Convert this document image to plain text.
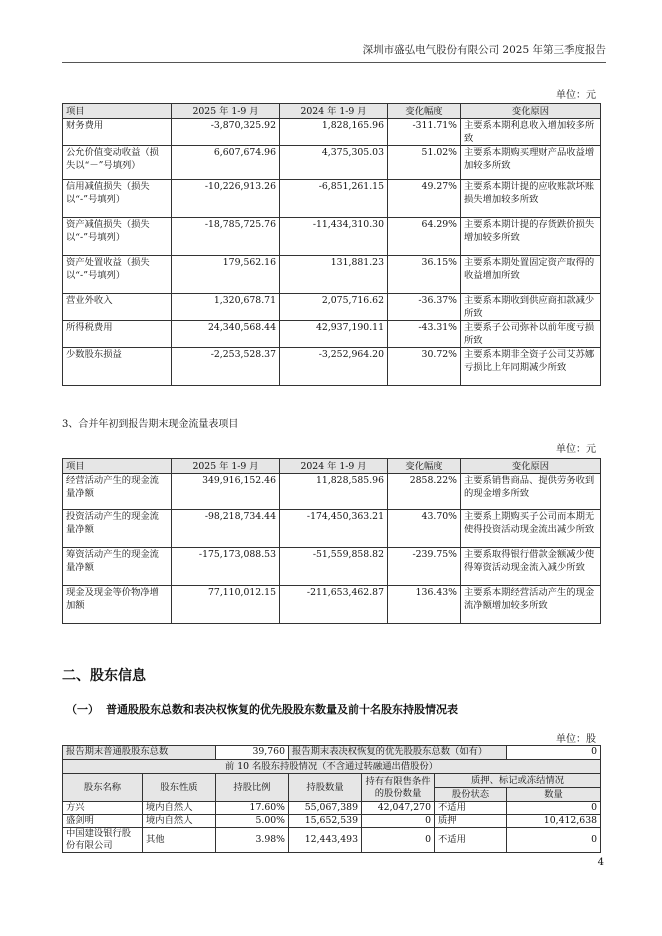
深圳市盛弘电气股份有限公司 2025 年第三季度报告
单位：元
项目	2025 年 1-9 月	2024 年 1-9 月	变化幅度	变化原因
财务费用	-3,870,325.92	1,828,165.96	-311.71%	主要系本期利息收入增加较多所致
公允价值变动收益（损失以“－”号填列）	6,607,674.96	4,375,305.03	51.02%	主要系本期购买理财产品收益增加较多所致
信用减值损失（损失以“-”号填列）	-10,226,913.26	-6,851,261.15	49.27%	主要系本期计提的应收账款坏账损失增加较多所致
资产减值损失（损失以“-”号填列）	-18,785,725.76	-11,434,310.30	64.29%	主要系本期计提的存货跌价损失增加较多所致
资产处置收益（损失以“-”号填列）	179,562.16	131,881.23	36.15%	主要系本期处置固定资产取得的收益增加所致
营业外收入	1,320,678.71	2,075,716.62	-36.37%	主要系本期收到供应商扣款减少所致
所得税费用	24,340,568.44	42,937,190.11	-43.31%	主要系子公司弥补以前年度亏损所致
少数股东损益	-2,253,528.37	-3,252,964.20	30.72%	主要系本期非全资子公司艾苏娜亏损比上年同期减少所致
3、合并年初到报告期末现金流量表项目
单位：元
项目	2025 年 1-9 月	2024 年 1-9 月	变化幅度	变化原因
经营活动产生的现金流量净额	349,916,152.46	11,828,585.96	2858.22%	主要系销售商品、提供劳务收到的现金增多所致
投资活动产生的现金流量净额	-98,218,734.44	-174,450,363.21	43.70%	主要系上期购买子公司而本期无使得投资活动现金流出减少所致
筹资活动产生的现金流量净额	-175,173,088.53	-51,559,858.82	-239.75%	主要系取得银行借款金额减少使得筹资活动现金流入减少所致
现金及现金等价物净增加额	77,110,012.15	-211,653,462.87	136.43%	主要系本期经营活动产生的现金流净额增加较多所致
二、股东信息
（一） 普通股股东总数和表决权恢复的优先股股东数量及前十名股东持股情况表
单位：股
报告期末普通股股东总数		39,760	报告期末表决权恢复的优先股股东总数（如有）			0
前 10 名股东持股情况（不含通过转融通出借股份）						
股东名称	股东性质	持股比例	持股数量	持有有限售条件的股份数量	质押、标记或冻结情况	
					股份状态	数量
方兴	境内自然人	17.60%	55,067,389	42,047,270	不适用	0
盛剑明	境内自然人	5.00%	15,652,539	0	质押	10,412,638
中国建设银行股份有限公司	其他	3.98%	12,443,493	0	不适用	0
4
